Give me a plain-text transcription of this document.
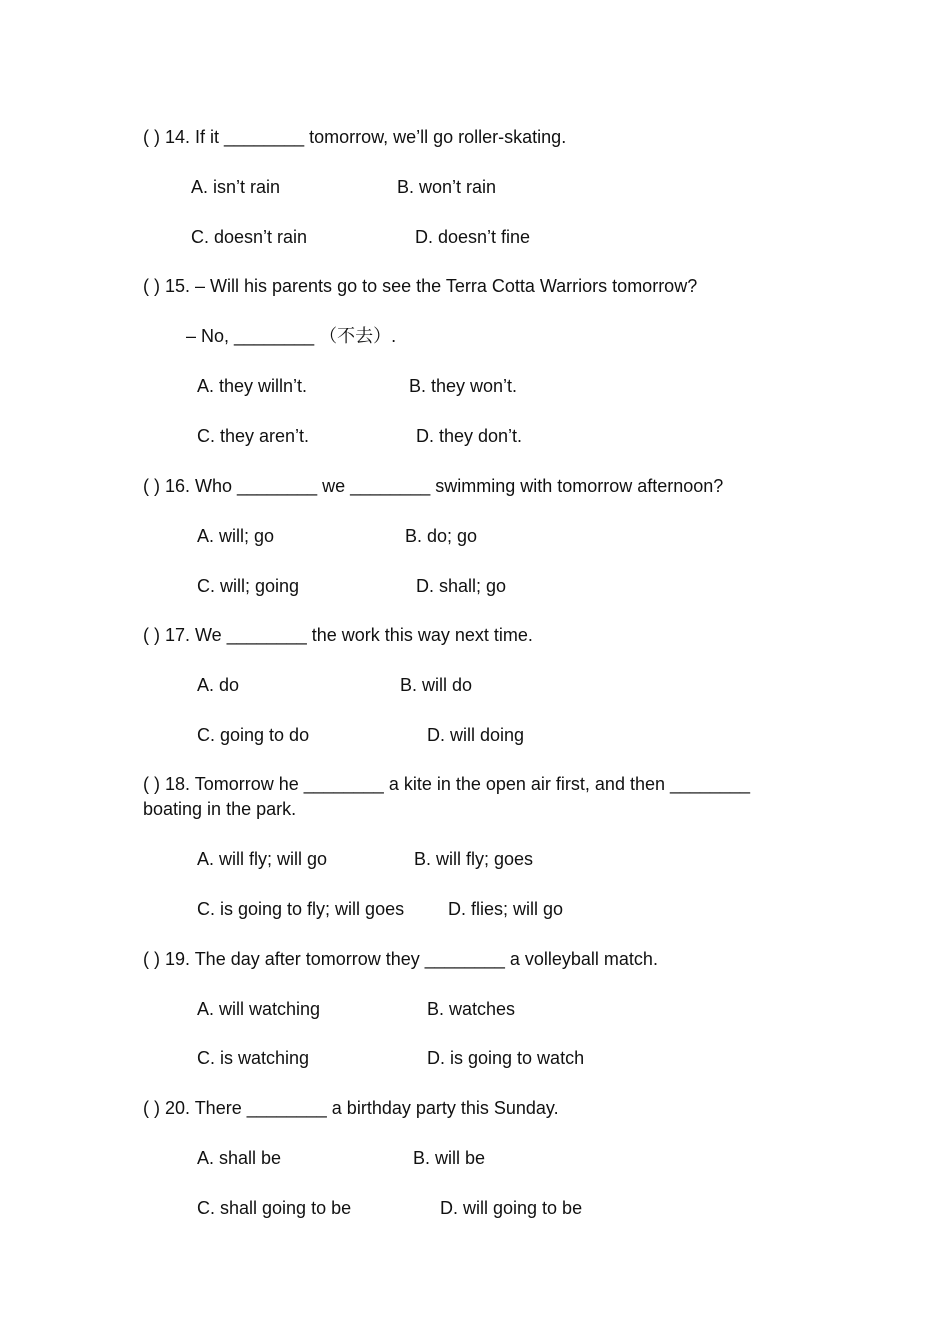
( ) 14. If it ________ tomorrow, we’ll go roller-skating.
A. isn’t rain	B. won’t rain
C. doesn’t rain	D. doesn’t fine
( ) 15. – Will his parents go to see the Terra Cotta Warriors tomorrow?
– No, ________ （不去）.
A. they willn’t.	B. they won’t.
C. they aren’t.	D. they don’t.
( ) 16. Who ________ we ________ swimming with tomorrow afternoon?
A. will; go	B. do; go
C. will; going	D. shall; go
( ) 17. We ________ the work this way next time.
A. do	B. will do
C. going to do	D. will doing
( ) 18. Tomorrow he ________ a kite in the open air first, and then ________
boating in the park.
A. will fly; will go	B. will fly; goes
C. is going to fly; will goes D. flies; will go
( ) 19. The day after tomorrow they ________ a volleyball match.
A. will watching	B. watches
C. is watching	D. is going to watch
( ) 20. There ________ a birthday party this Sunday.
A. shall be	B. will be
C. shall going to be	D. will going to be
